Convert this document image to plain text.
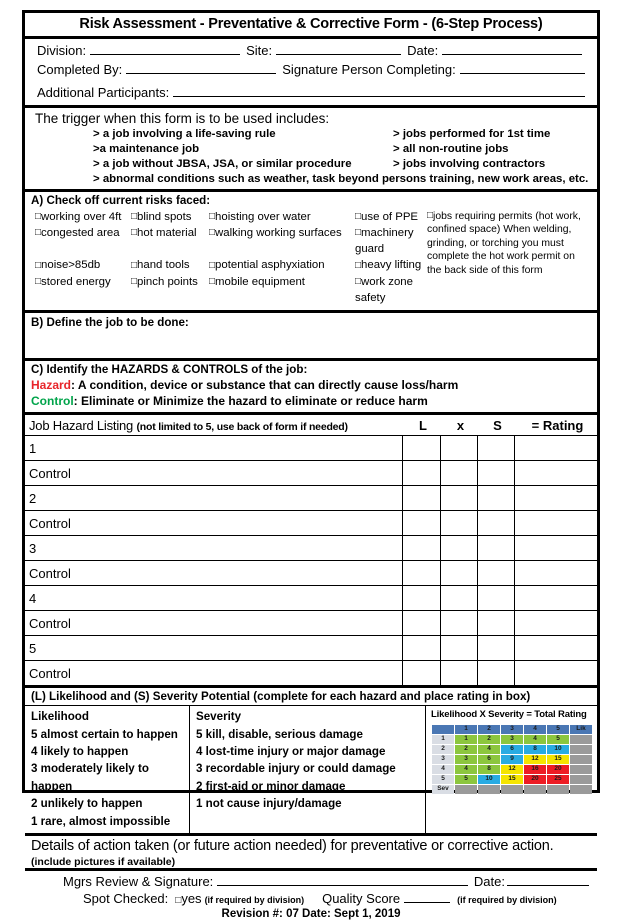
Risk Assessment - Preventative & Corrective Form - (6-Step Process)
Division:	Site:	Date:
Completed By:	Signature Person Completing:
Additional Participants:
The trigger when this form is to be used includes:
> a job involving a life-saving rule	> jobs performed for 1st time
>a maintenance job	> all non-routine jobs
> a job without JBSA, JSA, or similar procedure	> jobs involving contractors
> abnormal conditions such as weather, task beyond persons training, new work areas, etc.
A) Check off current risks faced:
□ working over 4ft	□ blind spots	□ hoisting over water	□ use of PPE
□ congested area	□ hot material	□ walking working surfaces	□ machinery guard
□ noise>85db	□ hand tools	□ potential asphyxiation	□ heavy lifting
□ stored energy	□ pinch points	□ mobile equipment	□ work zone safety
□ jobs requiring permits (hot work, confined space) When welding, grinding, or torching you must complete the hot work permit on the back side of this form
B) Define the job to be done:
C) Identify the HAZARDS & CONTROLS of the job:
Hazard: A condition, device or substance that can directly cause loss/harm
Control: Eliminate or Minimize the hazard to eliminate or reduce harm
Job Hazard Listing (not limited to 5, use back of form if needed)	L	x	S	= Rating
1				
Control				
2				
Control				
3				
Control				
4				
Control				
5				
Control				
(L) Likelihood and (S) Severity Potential (complete for each hazard and place rating in box)
Likelihood
5 almost certain to happen
4 likely to happen
3 moderately likely to happen
2 unlikely to happen
1 rare, almost impossible
Severity
5 kill, disable, serious damage
4 lost-time injury or major damage
3 recordable injury or could damage
2 first-aid or minor damage
1 not cause injury/damage
Likelihood X Severity = Total Rating
	1	2	3	4	5	Lik
1	1	2	3	4	5	
2	2	4	6	8	10	
3	3	6	9	12	15	
4	4	8	12	16	20	
5	5	10	15	20	25	
Sev						
Details of action taken (or future action needed) for preventative or corrective action.
(include pictures if available)
Mgrs Review & Signature:	Date:
Spot Checked:	□ yes (if required by division) Quality Score	(if required by division)
Revision #: 07 Date: Sept 1, 2019
